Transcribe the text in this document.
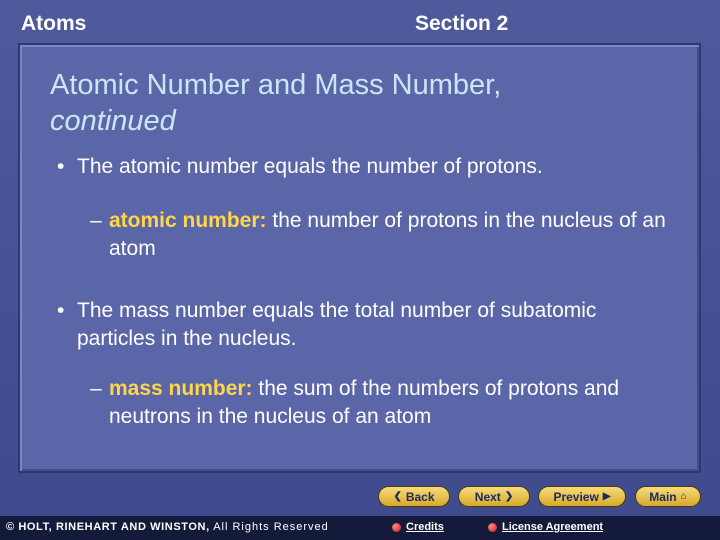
Atoms	Section 2
Atomic Number and Mass Number,
continued
• The atomic number equals the number of protons.
– atomic number: the number of protons in the nucleus of an atom
• The mass number equals the total number of subatomic particles in the nucleus.
– mass number: the sum of the numbers of protons and neutrons in the nucleus of an atom
❮ Back	Next ❯	Preview ▶	Main ⌂
© HOLT, RINEHART AND WINSTON, All Rights Reserved	Credits	License Agreement
